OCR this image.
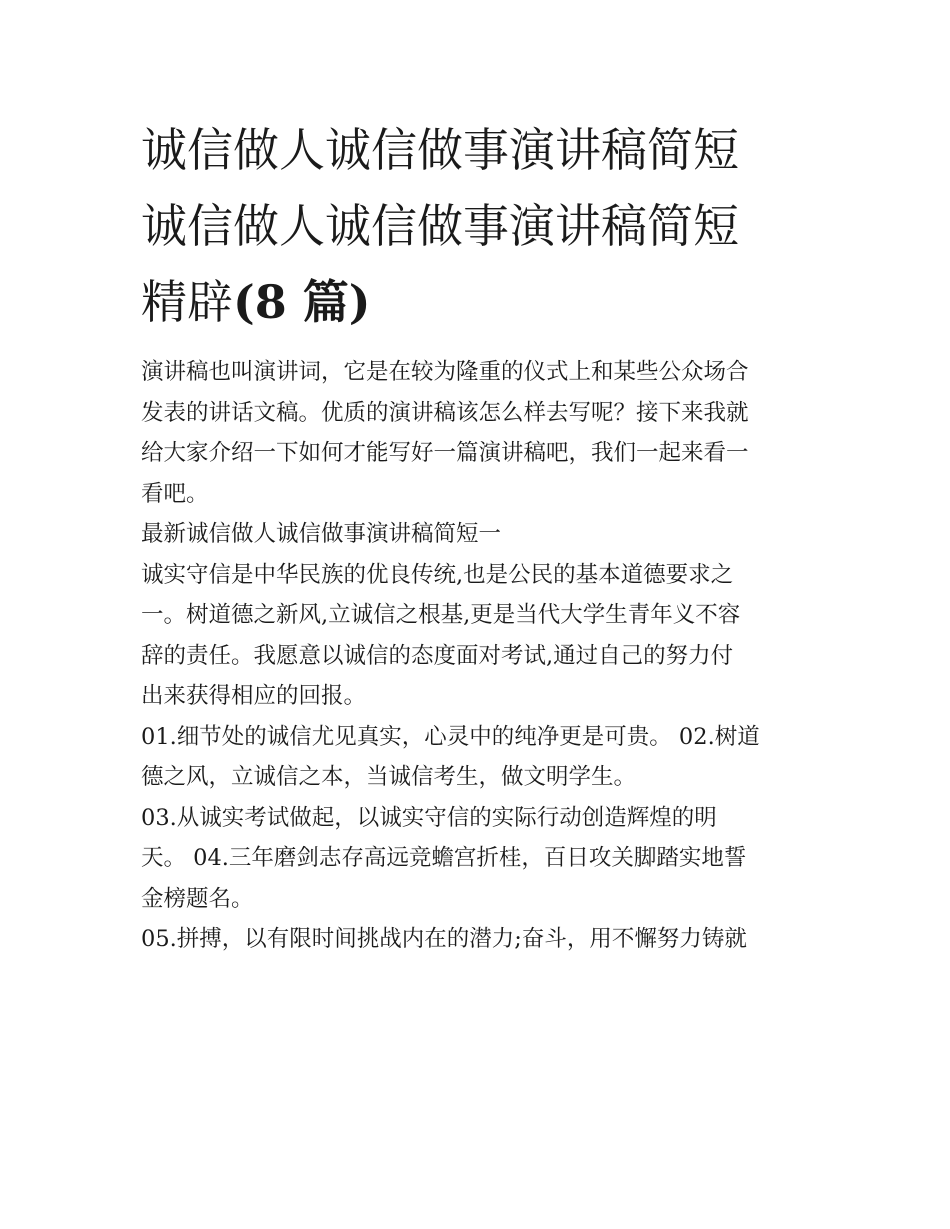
诚信做人诚信做事演讲稿简短
诚信做人诚信做事演讲稿简短
精辟(8 篇)

演讲稿也叫演讲词，它是在较为隆重的仪式上和某些公众场合
发表的讲话文稿。优质的演讲稿该怎么样去写呢？接下来我就
给大家介绍一下如何才能写好一篇演讲稿吧，我们一起来看一
看吧。

最新诚信做人诚信做事演讲稿简短一

诚实守信是中华民族的优良传统,也是公民的基本道德要求之
一。树道德之新风,立诚信之根基,更是当代大学生青年义不容
辞的责任。我愿意以诚信的态度面对考试,通过自己的努力付
出来获得相应的回报。

01.细节处的诚信尤见真实，心灵中的纯净更是可贵。 02.树道
德之风，立诚信之本，当诚信考生，做文明学生。

03.从诚实考试做起，以诚实守信的实际行动创造辉煌的明
天。 04.三年磨剑志存高远竞蟾宫折桂，百日攻关脚踏实地誓
金榜题名。

05.拼搏，以有限时间挑战内在的潜力;奋斗，用不懈努力铸就
